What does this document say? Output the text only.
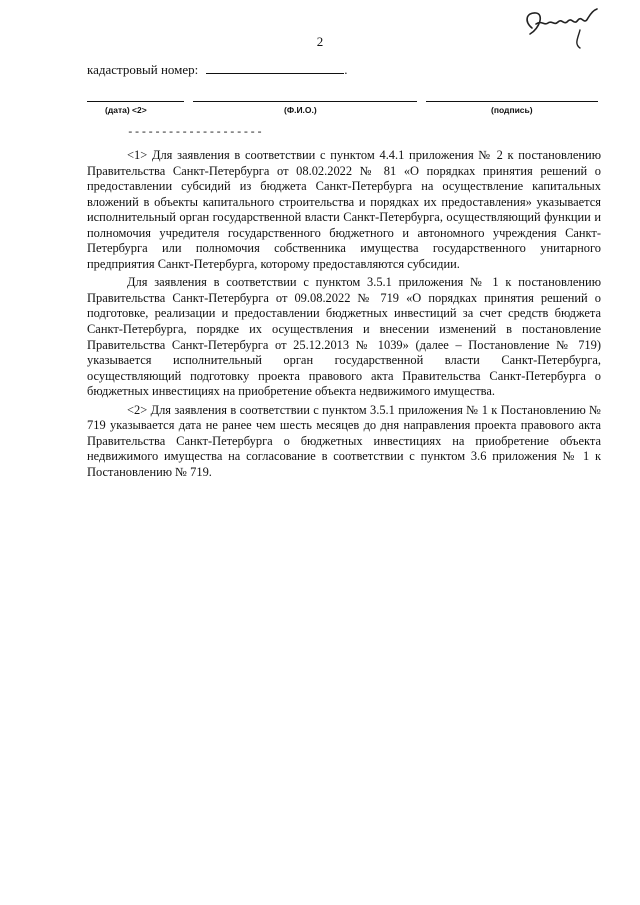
2
кадастровый номер:	.
(дата) <2>	(Ф.И.О.)	(подпись)
--------------------

<1> Для заявления в соответствии с пунктом 4.4.1 приложения № 2 к постановлению Правительства Санкт-Петербурга от 08.02.2022 № 81 «О порядках принятия решений о предоставлении субсидий из бюджета Санкт-Петербурга на осуществление капитальных вложений в объекты капитального строительства и порядках их предоставления» указывается исполнительный орган государственной власти Санкт-Петербурга, осуществляющий функции и полномочия учредителя государственного бюджетного и автономного учреждения Санкт-Петербурга или полномочия собственника имущества государственного унитарного предприятия Санкт-Петербурга, которому предоставляются субсидии.

Для заявления в соответствии с пунктом 3.5.1 приложения № 1 к постановлению Правительства Санкт-Петербурга от 09.08.2022 № 719 «О порядках принятия решений о подготовке, реализации и предоставлении бюджетных инвестиций за счет средств бюджета Санкт-Петербурга, порядке их осуществления и внесении изменений в постановление Правительства Санкт-Петербурга от 25.12.2013 № 1039» (далее – Постановление № 719) указывается исполнительный орган государственной власти Санкт-Петербурга, осуществляющий подготовку проекта правового акта Правительства Санкт-Петербурга о бюджетных инвестициях на приобретение объекта недвижимого имущества.

<2> Для заявления в соответствии с пунктом 3.5.1 приложения № 1 к Постановлению № 719 указывается дата не ранее чем шесть месяцев до дня направления проекта правового акта Правительства Санкт-Петербурга о бюджетных инвестициях на приобретение объекта недвижимого имущества на согласование в соответствии с пунктом 3.6 приложения № 1 к Постановлению № 719.
